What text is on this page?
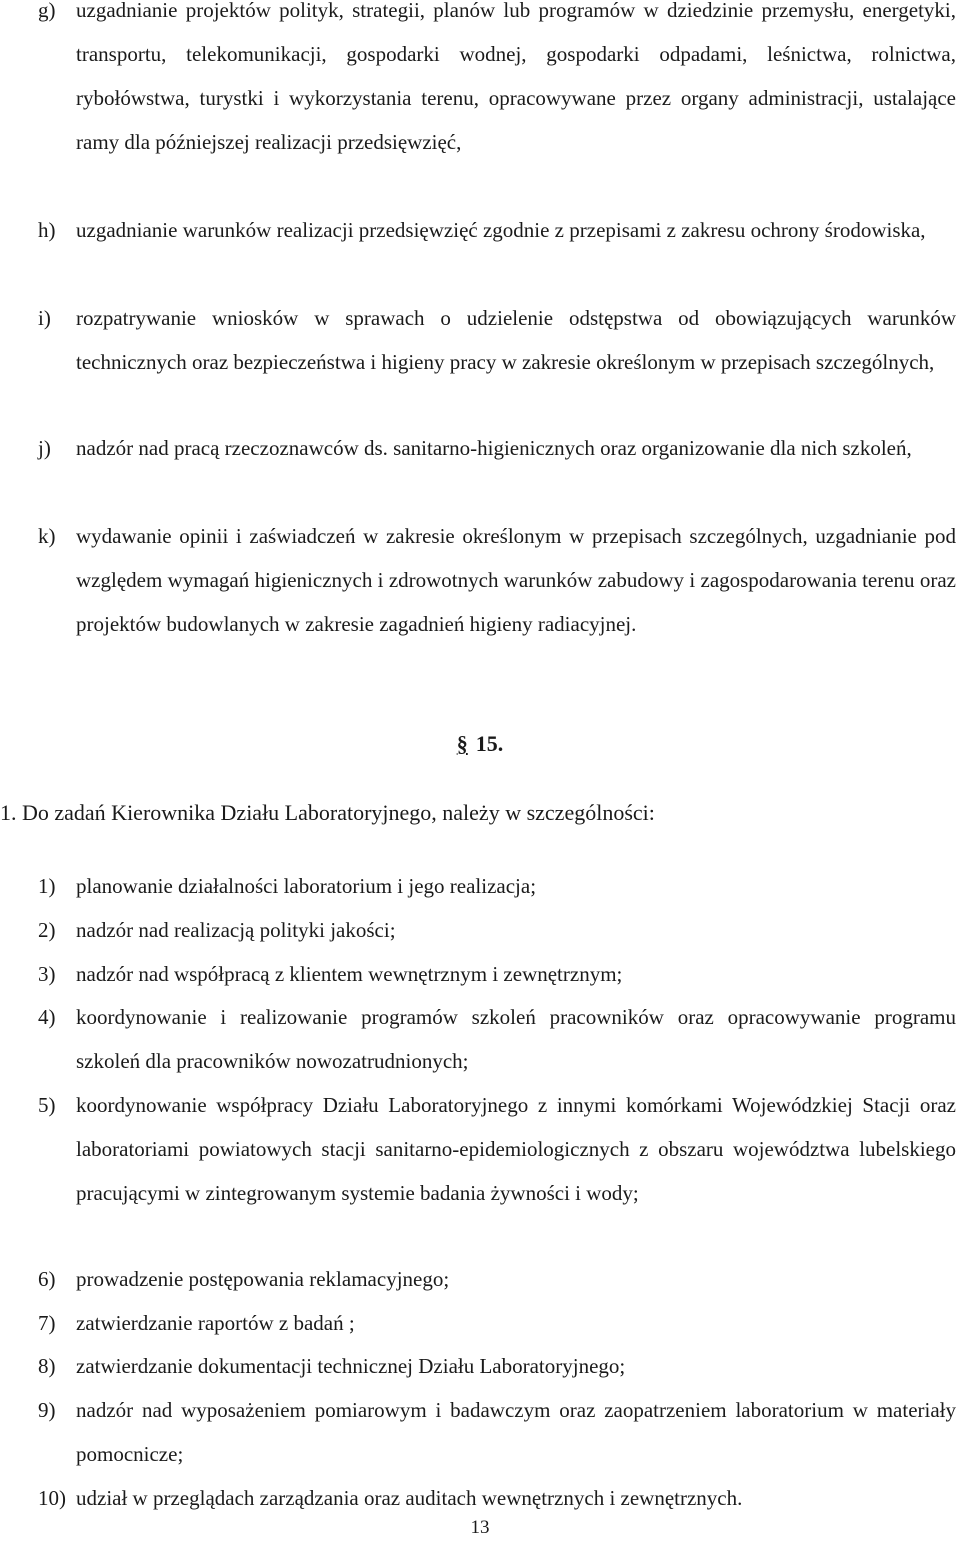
g) uzgadnianie projektów polityk, strategii, planów lub programów w dziedzinie przemysłu, energetyki, transportu, telekomunikacji, gospodarki wodnej, gospodarki odpadami, leśnictwa, rolnictwa, rybołówstwa, turystki i wykorzystania terenu, opracowywane przez organy administracji, ustalające ramy dla późniejszej realizacji przedsięwzięć,
h) uzgadnianie warunków realizacji przedsięwzięć zgodnie z przepisami z zakresu ochrony środowiska,
i)	rozpatrywanie wniosków w sprawach o udzielenie odstępstwa od obowiązujących warunków technicznych oraz bezpieczeństwa i higieny pracy w zakresie określonym w przepisach szczególnych,
j)	nadzór nad pracą rzeczoznawców ds. sanitarno-higienicznych oraz organizowanie dla nich szkoleń,
k) wydawanie opinii i zaświadczeń w zakresie określonym w przepisach szczególnych, uzgadnianie pod względem wymagań higienicznych i zdrowotnych warunków zabudowy i zagospodarowania terenu oraz projektów budowlanych w zakresie zagadnień higieny radiacyjnej.
§ 15.
1. Do zadań Kierownika Działu Laboratoryjnego, należy w szczególności:
1) planowanie działalności laboratorium i jego realizacja;
2) nadzór nad realizacją polityki jakości;
3) nadzór nad współpracą z klientem wewnętrznym i zewnętrznym;
4) koordynowanie i realizowanie programów szkoleń pracowników oraz opracowywanie programu szkoleń dla pracowników nowozatrudnionych;
5) koordynowanie współpracy Działu Laboratoryjnego z innymi komórkami Wojewódzkiej Stacji oraz laboratoriami powiatowych stacji sanitarno-epidemiologicznych z obszaru województwa lubelskiego pracującymi w zintegrowanym systemie badania żywności i wody;
6) prowadzenie postępowania reklamacyjnego;
7) zatwierdzanie raportów z badań ;
8) zatwierdzanie dokumentacji technicznej Działu Laboratoryjnego;
9) nadzór nad wyposażeniem pomiarowym i badawczym oraz zaopatrzeniem laboratorium w materiały pomocnicze;
10) udział w przeglądach zarządzania oraz auditach wewnętrznych i zewnętrznych.
13
